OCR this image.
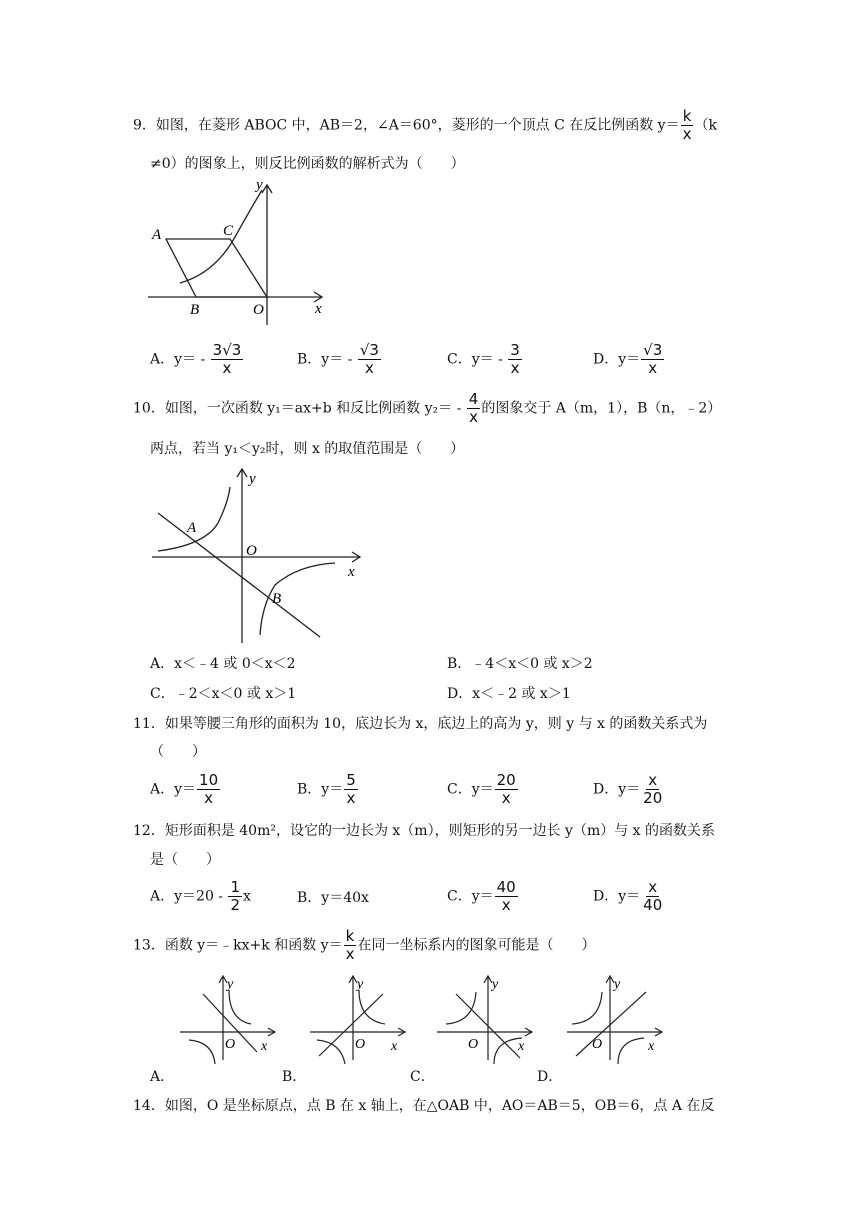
9．如图，在菱形 ABOC 中，AB＝2，∠A＝60°，菱形的一个顶点 C 在反比例函数 $y= \frac{k}{x} (k$
≠0）的图象上，则反比例函数的解析式为（　　）
A	C
B	O	x
y
A．$y= - \frac{3√3}{x}$	B．$y= - \frac{√3}{x}$	C．$y= - \frac{3}{x}$	D．$y= \frac{√3}{x}$
10．如图，一次函数 y₁＝ax+b 和反比例函数 $y_2= - \frac{4}{x}$ 的图象交于 A（m，1），B（n，﹣2）
两点，若当 y₁＜y₂时，则 x 的取值范围是（　　）
A
B
O
x
y
A．x＜﹣4 或 0＜x＜2	B．﹣4＜x＜0 或 x＞2
C．﹣2＜x＜0 或 x＞1	D．x＜﹣2 或 x＞1
11．如果等腰三角形的面积为 10，底边长为 x，底边上的高为 y，则 y 与 x 的函数关系式为
（　　）
A．$y= \frac{10}{x}$	B．$y= \frac{5}{x}$	C．$y= \frac{20}{x}$	D．$y= \frac{x}{20}$
12．矩形面积是 40m²，设它的一边长为 x（m），则矩形的另一边长 y（m）与 x 的函数关系
是（　　）
A．$y=20 - \frac{1}{2}$ x	B．y＝40x	C．$y= \frac{40}{x}$	D．$y= \frac{x}{40}$
13．函数 y＝﹣kx+k 和函数 $y= \frac{k}{x}$ 在同一坐标系内的图象可能是（　　）
O x
y
A．
O x
y
B．
O	x
y
C．
O	x
y
D．
14．如图，O 是坐标原点，点 B 在 x 轴上，在△OAB 中，AO＝AB＝5，OB＝6，点 A 在反
